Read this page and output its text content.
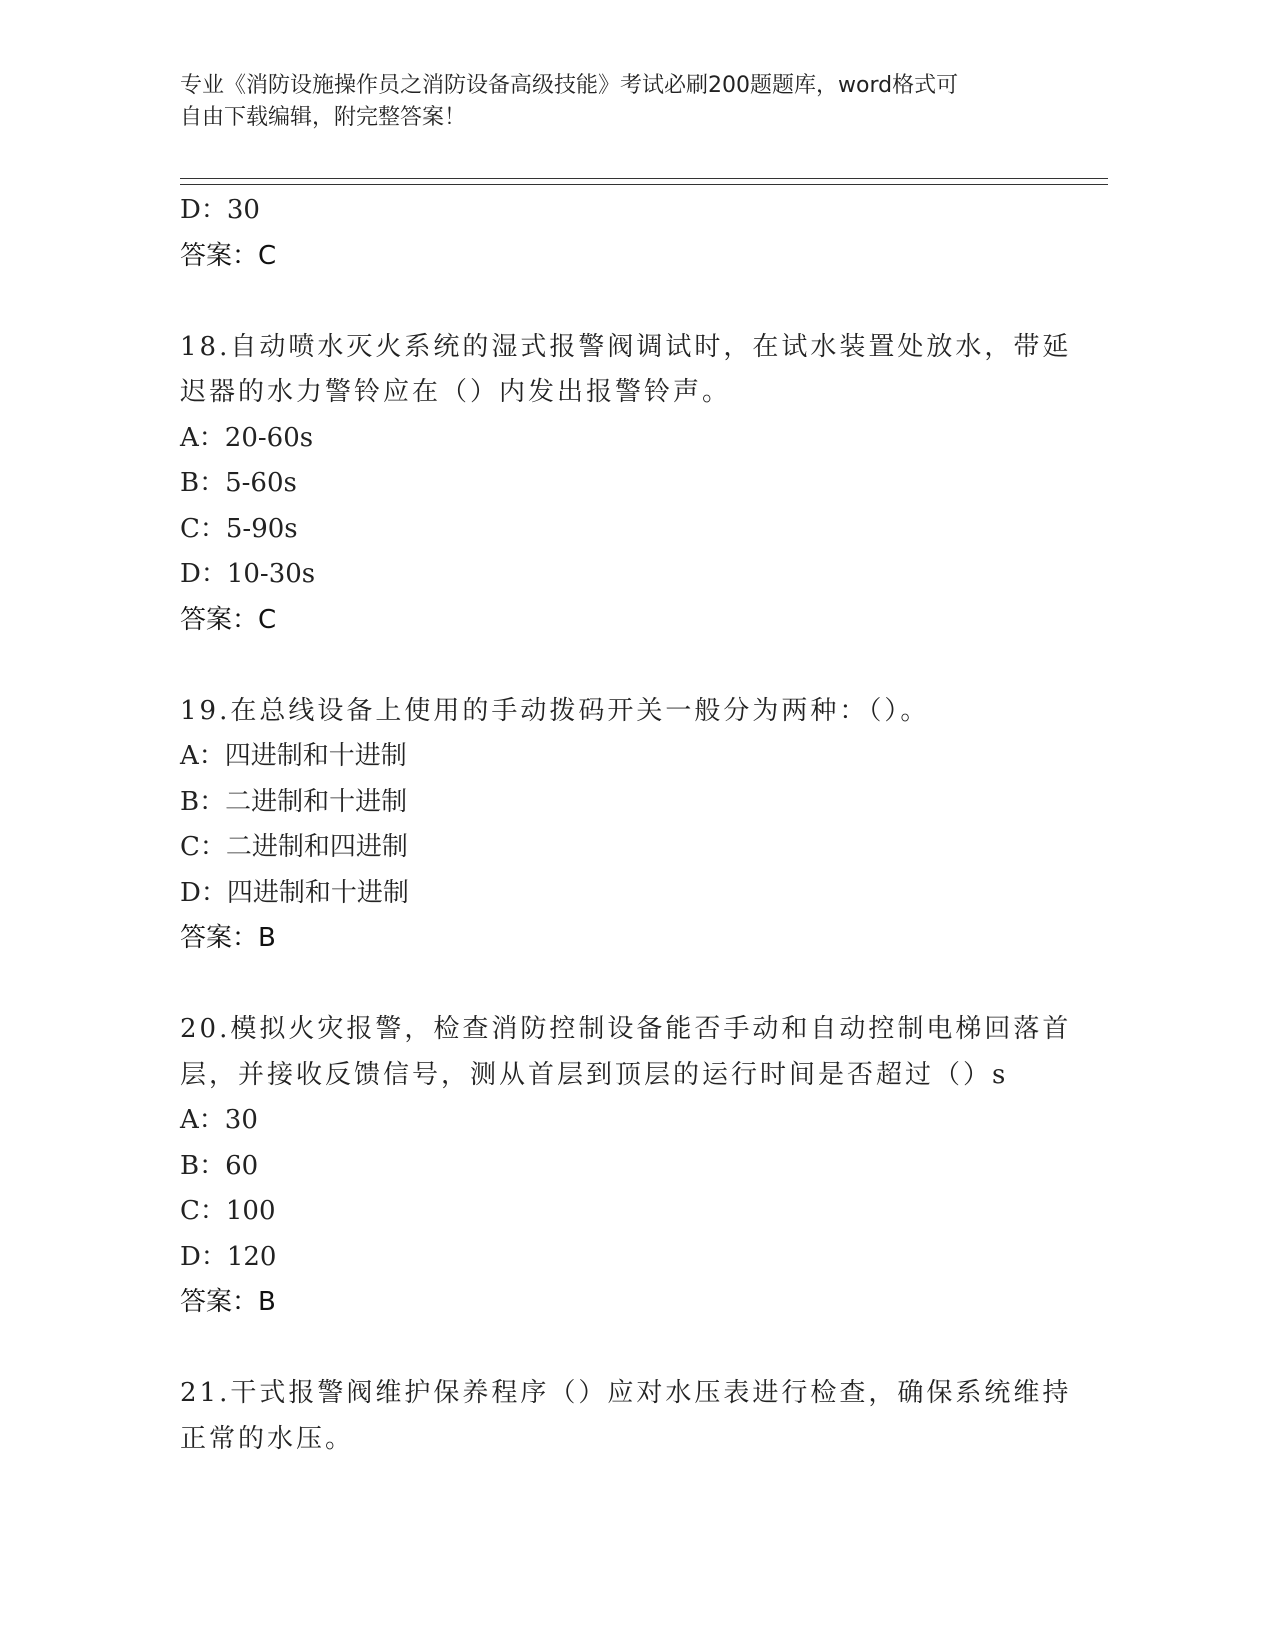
专业《消防设施操作员之消防设备高级技能》考试必刷200题题库，word格式可
自由下载编辑，附完整答案！
D：30
答案：C
18.自动喷水灭火系统的湿式报警阀调试时，在试水装置处放水，带延
迟器的水力警铃应在（）内发出报警铃声。
A：20-60s
B：5-60s
C：5-90s
D：10-30s
答案：C
19.在总线设备上使用的手动拨码开关一般分为两种：（）。
A：四进制和十进制
B：二进制和十进制
C：二进制和四进制
D：四进制和十进制
答案：B
20.模拟火灾报警，检查消防控制设备能否手动和自动控制电梯回落首
层，并接收反馈信号，测从首层到顶层的运行时间是否超过（）s
A：30
B：60
C：100
D：120
答案：B
21.干式报警阀维护保养程序（）应对水压表进行检查，确保系统维持
正常的水压。
